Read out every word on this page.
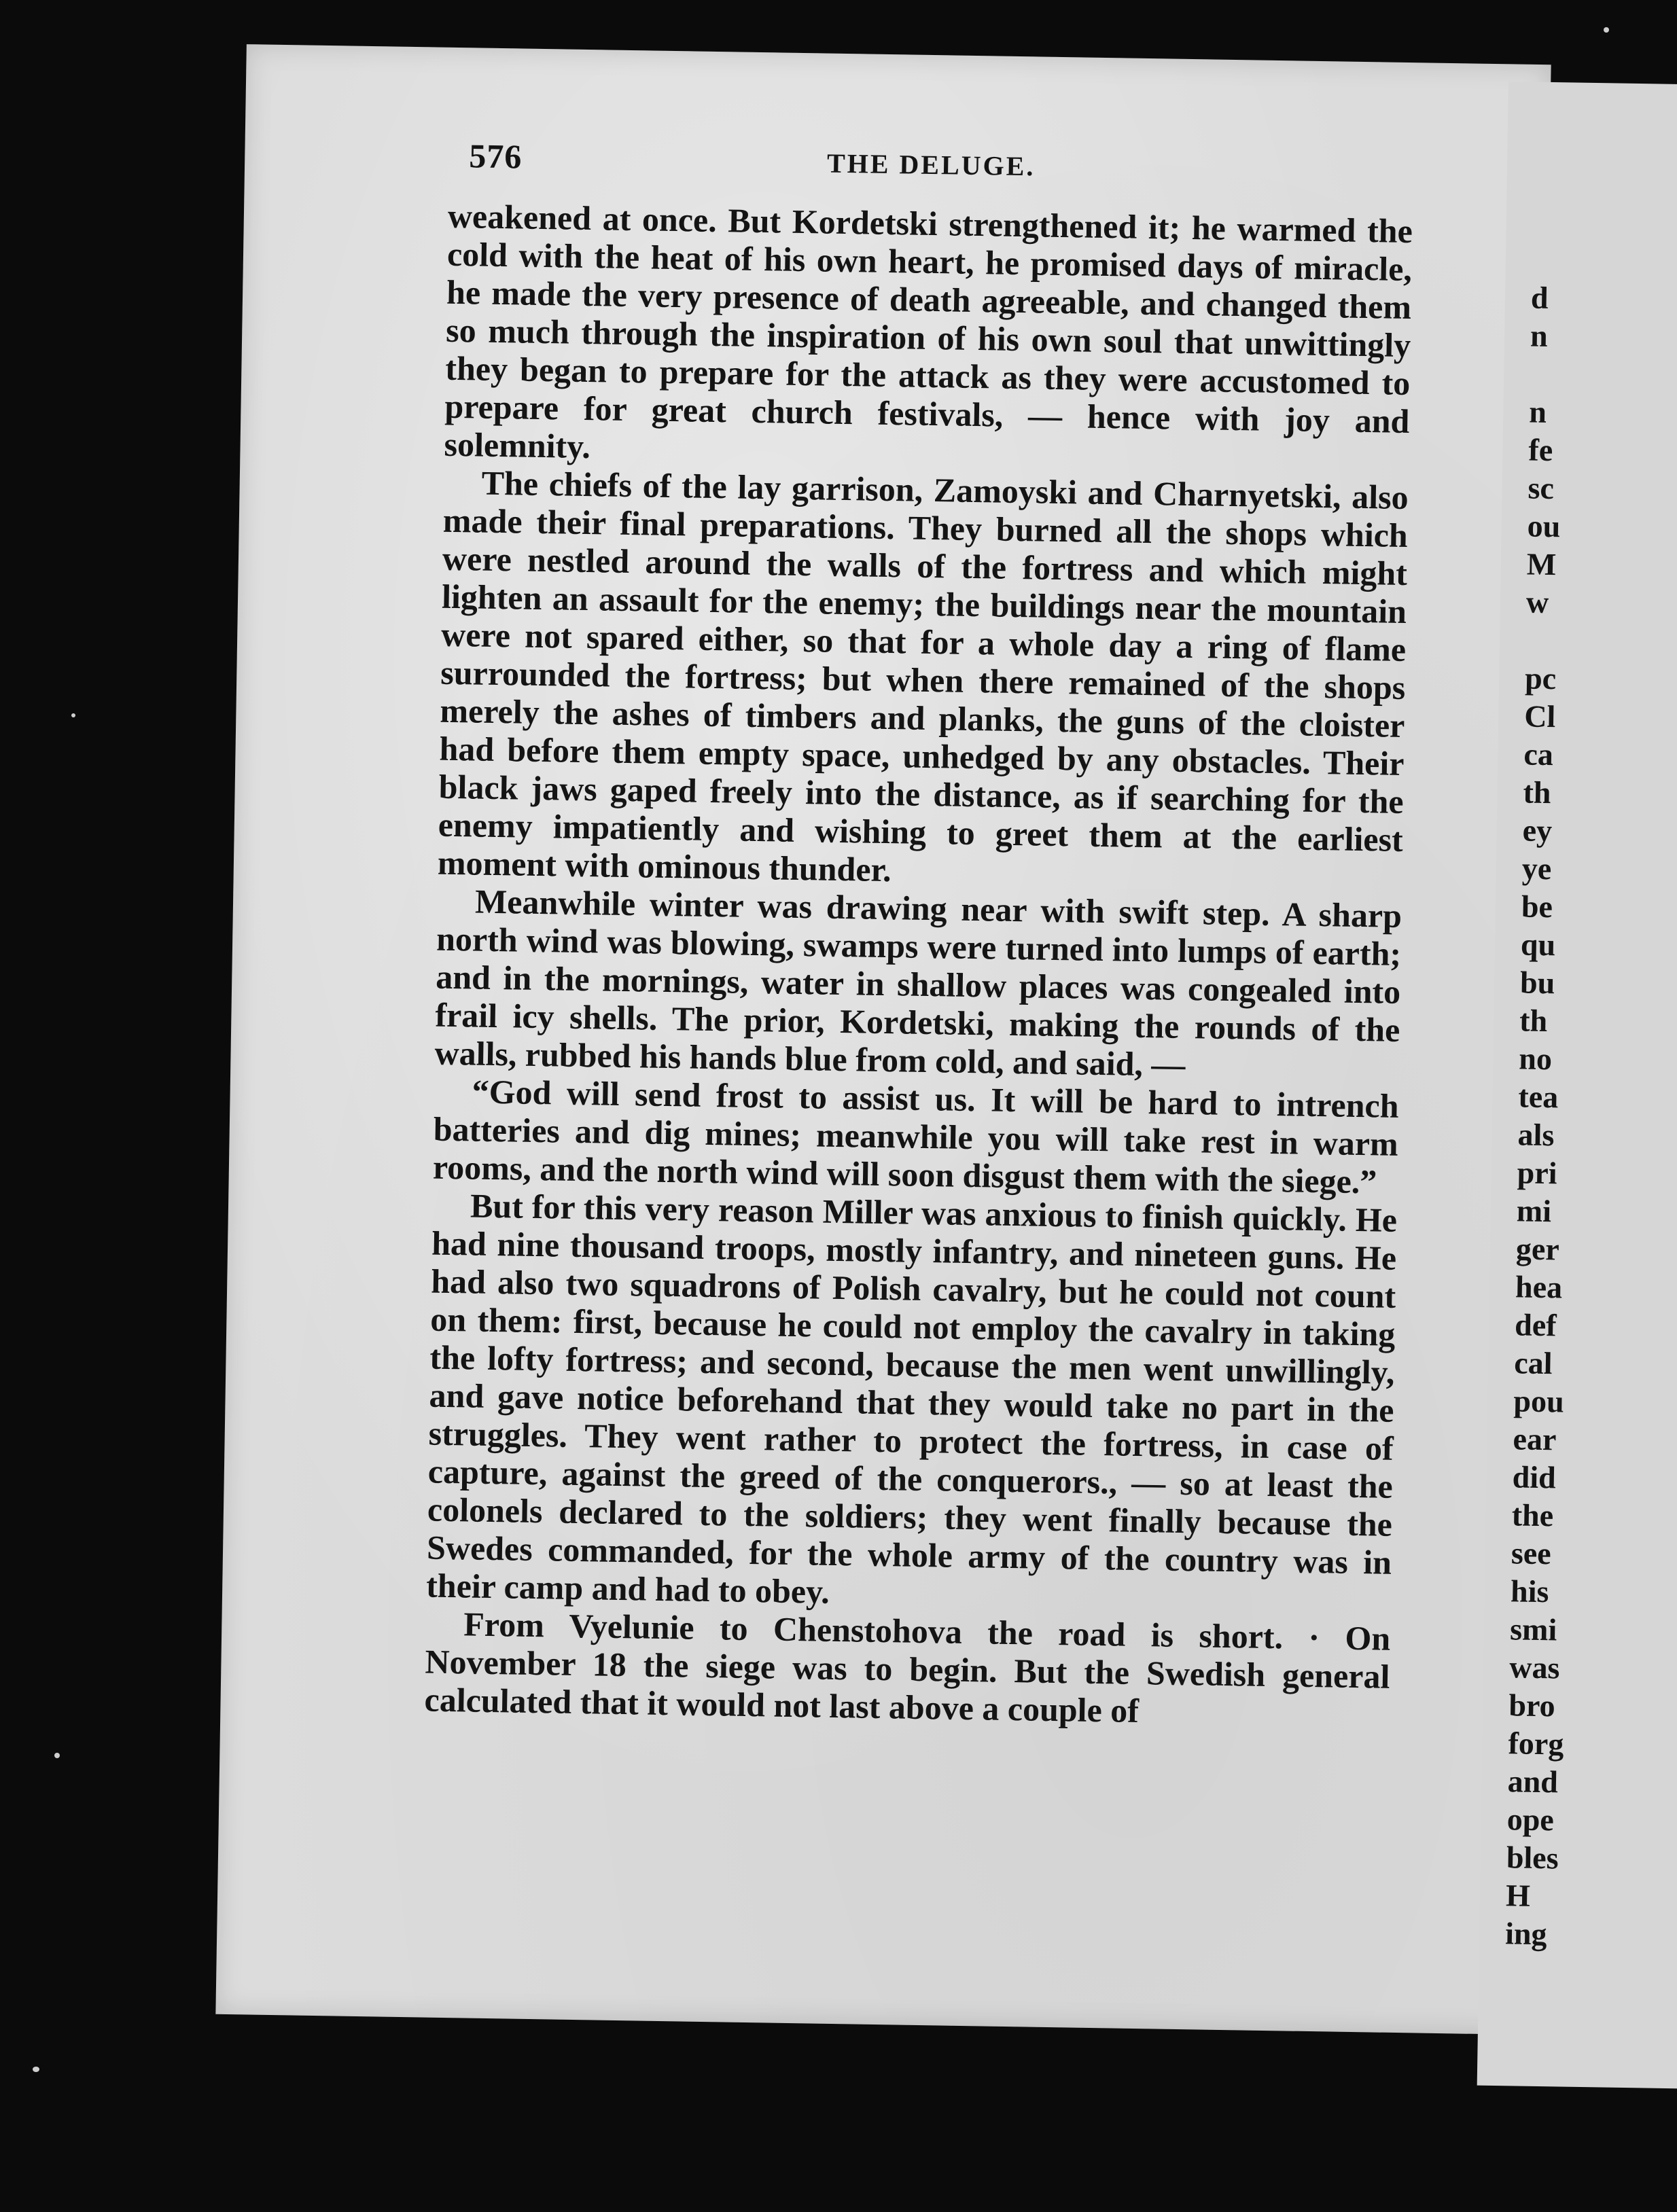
576	THE DELUGE.

weakened at once. But Kordetski strengthened it; he warmed the cold with the heat of his own heart, he promised days of miracle, he made the very presence of death agreeable, and changed them so much through the inspiration of his own soul that unwittingly they began to prepare for the attack as they were accustomed to prepare for great church festivals, — hence with joy and solemnity.

The chiefs of the lay garrison, Zamoyski and Charnyetski, also made their final preparations. They burned all the shops which were nestled around the walls of the fortress and which might lighten an assault for the enemy; the buildings near the mountain were not spared either, so that for a whole day a ring of flame surrounded the fortress; but when there remained of the shops merely the ashes of timbers and planks, the guns of the cloister had before them empty space, unhedged by any obstacles. Their black jaws gaped freely into the distance, as if searching for the enemy impatiently and wishing to greet them at the earliest moment with ominous thunder.

Meanwhile winter was drawing near with swift step. A sharp north wind was blowing, swamps were turned into lumps of earth; and in the mornings, water in shallow places was congealed into frail icy shells. The prior, Kordetski, making the rounds of the walls, rubbed his hands blue from cold, and said, —

“God will send frost to assist us. It will be hard to intrench batteries and dig mines; meanwhile you will take rest in warm rooms, and the north wind will soon disgust them with the siege.”

But for this very reason Miller was anxious to finish quickly. He had nine thousand troops, mostly infantry, and nineteen guns. He had also two squadrons of Polish cavalry, but he could not count on them: first, because he could not employ the cavalry in taking the lofty fortress; and second, because the men went unwillingly, and gave notice beforehand that they would take no part in the struggles. They went rather to protect the fortress, in case of capture, against the greed of the conquerors., — so at least the colonels declared to the soldiers; they went finally because the Swedes commanded, for the whole army of the country was in their camp and had to obey.

From Vyelunie to Chenstohova the road is short. · On November 18 the siege was to begin. But the Swedish general calculated that it would not last above a couple of

d
n

n
fe
sc
ou
M
w

pc
Cl
ca
th
ey
ye
be
qu
bu
th
no
tea
als
pri
mi
ger
hea
def
cal
pou
ear
did
the
see
his
smi
was
bro
forg
and
ope
bles
H
ing
